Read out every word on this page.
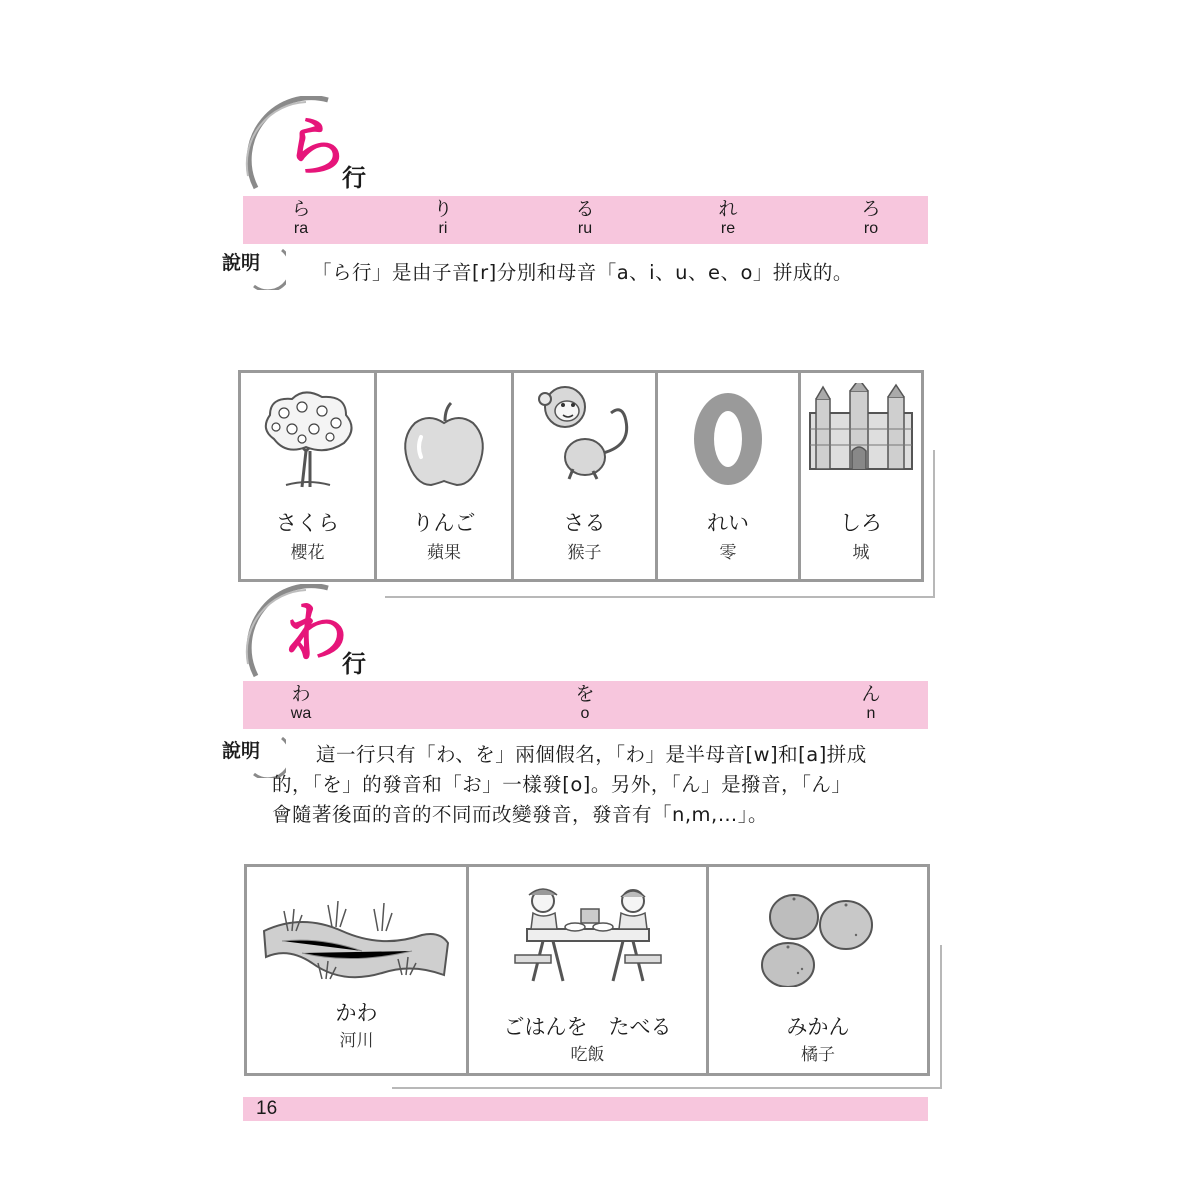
ら
行
ら
ra
り
ri
る
ru
れ
re
ろ
ro
說明	「ら行」是由子音[r]分別和母音「a、i、u、e、o」拼成的。
さくら
櫻花
りんご
蘋果
さる
猴子
れい
零
しろ
城
わ
行
わ
wa
を
o
ん
n
說明	這一行只有「わ、を」兩個假名，「わ」是半母音[w]和[a]拼成
的，「を」的發音和「お」一樣發[o]。另外，「ん」是撥音，「ん」
會隨著後面的音的不同而改變發音，發音有「n,m,…」。
かわ
河川
ごはんを　たべる
吃飯
みかん
橘子
16
